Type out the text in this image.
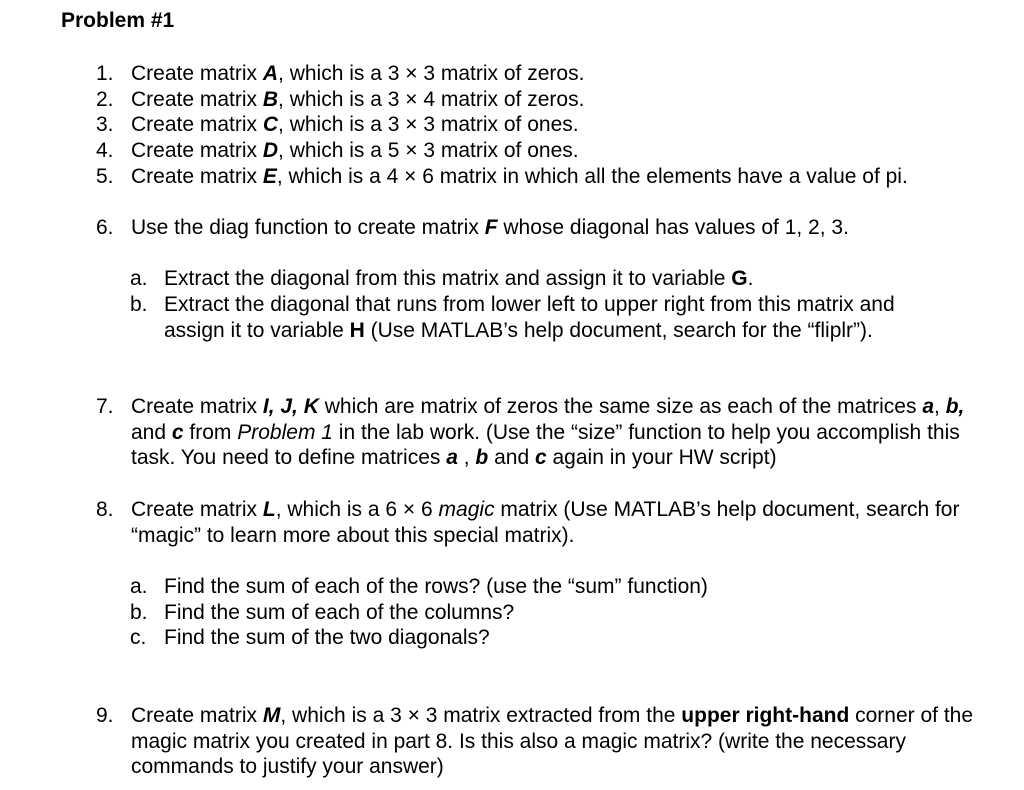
Problem #1
1. Create matrix A, which is a 3 × 3 matrix of zeros.
2. Create matrix B, which is a 3 × 4 matrix of zeros.
3. Create matrix C, which is a 3 × 3 matrix of ones.
4. Create matrix D, which is a 5 × 3 matrix of ones.
5. Create matrix E, which is a 4 × 6 matrix in which all the elements have a value of pi.
6. Use the diag function to create matrix F whose diagonal has values of 1, 2, 3.
a. Extract the diagonal from this matrix and assign it to variable G.
b. Extract the diagonal that runs from lower left to upper right from this matrix and assign it to variable H (Use MATLAB’s help document, search for the “fliplr”).
7. Create matrix I, J, K which are matrix of zeros the same size as each of the matrices a, b, and c from Problem 1 in the lab work. (Use the “size” function to help you accomplish this task. You need to define matrices a , b and c again in your HW script)
8. Create matrix L, which is a 6 × 6 magic matrix (Use MATLAB’s help document, search for “magic” to learn more about this special matrix).
a. Find the sum of each of the rows? (use the “sum” function)
b. Find the sum of each of the columns?
c. Find the sum of the two diagonals?
9. Create matrix M, which is a 3 × 3 matrix extracted from the upper right-hand corner of the magic matrix you created in part 8. Is this also a magic matrix? (write the necessary commands to justify your answer)
